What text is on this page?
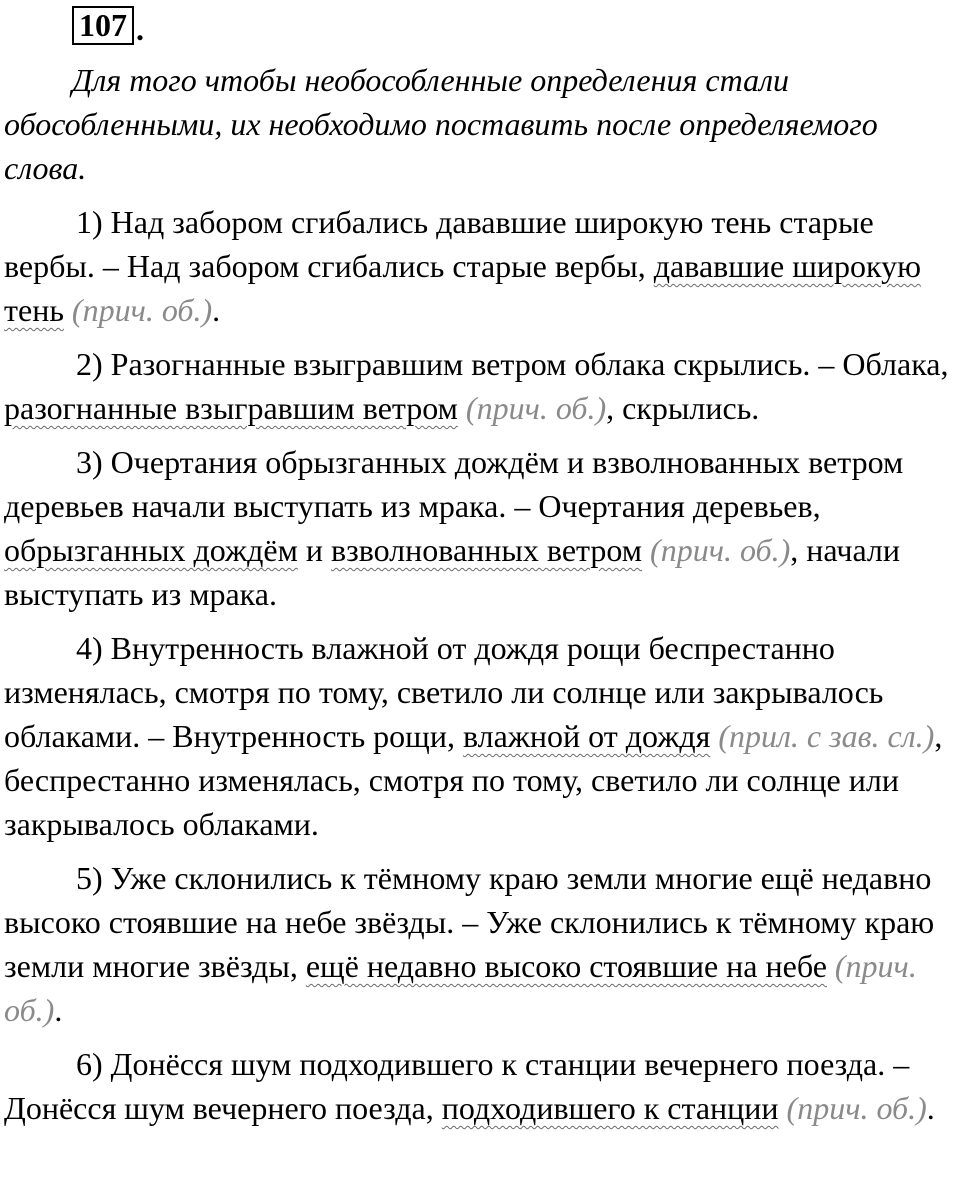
107 .
Для того чтобы необособленные определения стали обособленными, их необходимо поставить после определяемого слова.

1) Над забором сгибались дававшие широкую тень старые вербы. – Над забором сгибались старые вербы, дававшие широкую тень (прич. об.).

2) Разогнанные взыгравшим ветром облака скрылись. – Облака, разогнанные взыгравшим ветром (прич. об.), скрылись.

3) Очертания обрызганных дождём и взволнованных ветром деревьев начали выступать из мрака. – Очертания деревьев, обрызганных дождём и взволнованных ветром (прич. об.), начали выступать из мрака.

4) Внутренность влажной от дождя рощи беспрестанно изменялась, смотря по тому, светило ли солнце или закрывалось облаками. – Внутренность рощи, влажной от дождя (прил. с зав. сл.), беспрестанно изменялась, смотря по тому, светило ли солнце или закрывалось облаками.

5) Уже склонились к тёмному краю земли многие ещё недавно высоко стоявшие на небе звёзды. – Уже склонились к тёмному краю земли многие звёзды, ещё недавно высоко стоявшие на небе (прич. об.).

6) Донёсся шум подходившего к станции вечернего поезда. – Донёсся шум вечернего поезда, подходившего к станции (прич. об.).
